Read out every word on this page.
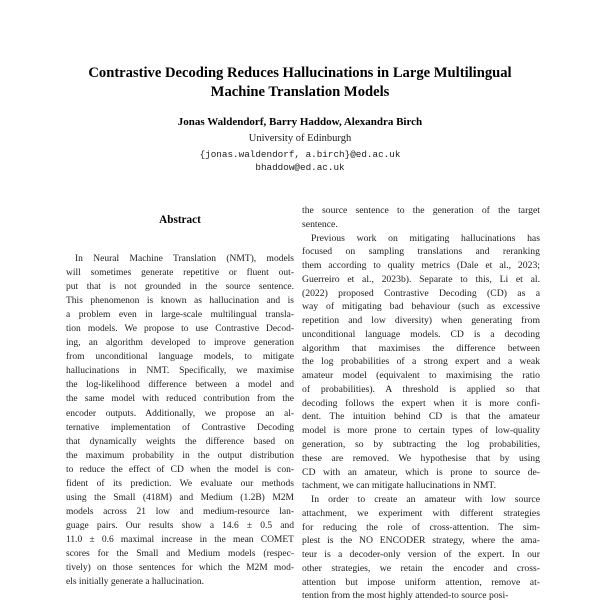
Contrastive Decoding Reduces Hallucinations in Large Multilingual
Machine Translation Models
Jonas Waldendorf, Barry Haddow, Alexandra Birch
University of Edinburgh
{jonas.waldendorf, a.birch}@ed.ac.uk
bhaddow@ed.ac.uk
Abstract
In Neural Machine Translation (NMT), models
will sometimes generate repetitive or fluent out-
put that is not grounded in the source sentence.
This phenomenon is known as hallucination and is
a problem even in large-scale multilingual transla-
tion models. We propose to use Contrastive Decod-
ing, an algorithm developed to improve generation
from unconditional language models, to mitigate
hallucinations in NMT. Specifically, we maximise
the log-likelihood difference between a model and
the same model with reduced contribution from the
encoder outputs. Additionally, we propose an al-
ternative implementation of Contrastive Decoding
that dynamically weights the difference based on
the maximum probability in the output distribution
to reduce the effect of CD when the model is con-
fident of its prediction. We evaluate our methods
using the Small (418M) and Medium (1.2B) M2M
models across 21 low and medium-resource lan-
guage pairs. Our results show a 14.6 ± 0.5 and
11.0 ± 0.6 maximal increase in the mean COMET
scores for the Small and Medium models (respec-
tively) on those sentences for which the M2M mod-
els initially generate a hallucination.
the source sentence to the generation of the target
sentence.
Previous work on mitigating hallucinations has
focused on sampling translations and reranking
them according to quality metrics (Dale et al., 2023;
Guerreiro et al., 2023b). Separate to this, Li et al.
(2022) proposed Contrastive Decoding (CD) as a
way of mitigating bad behaviour (such as excessive
repetition and low diversity) when generating from
unconditional language models. CD is a decoding
algorithm that maximises the difference between
the log probabilities of a strong expert and a weak
amateur model (equivalent to maximising the ratio
of probabilities). A threshold is applied so that
decoding follows the expert when it is more confi-
dent. The intuition behind CD is that the amateur
model is more prone to certain types of low-quality
generation, so by subtracting the log probabilities,
these are removed. We hypothesise that by using
CD with an amateur, which is prone to source de-
tachment, we can mitigate hallucinations in NMT.
In order to create an amateur with low source
attachment, we experiment with different strategies
for reducing the role of cross-attention. The sim-
plest is the NO ENCODER strategy, where the ama-
teur is a decoder-only version of the expert. In our
other strategies, we retain the encoder and cross-
attention but impose uniform attention, remove at-
tention from the most highly attended-to source posi-
